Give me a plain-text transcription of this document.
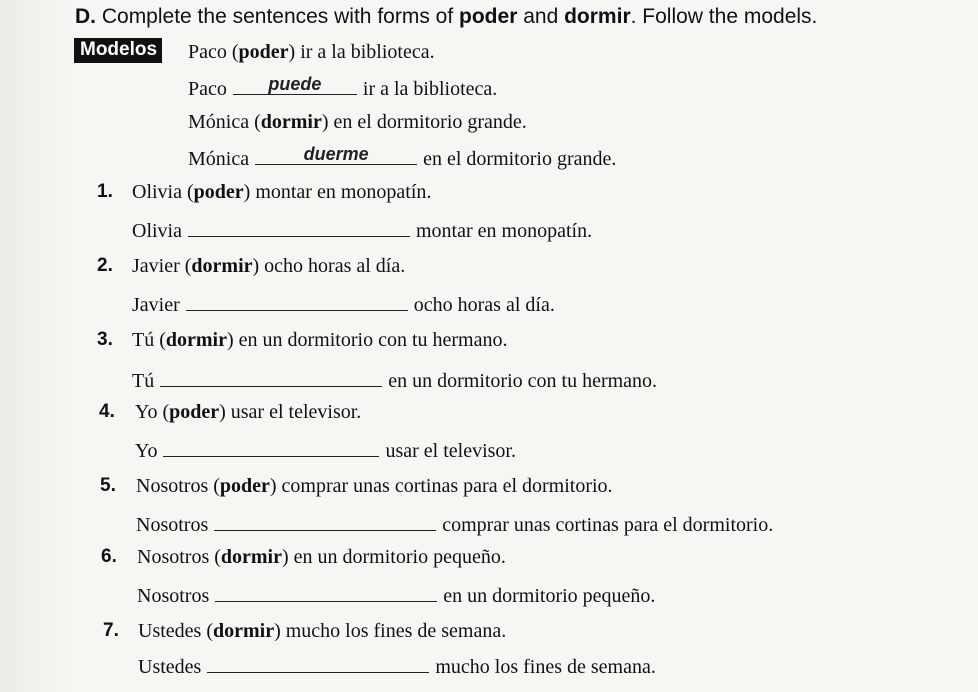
D. Complete the sentences with forms of poder and dormir. Follow the models.
Modelos Paco (poder) ir a la biblioteca.
Paco	puede	ir a la biblioteca.
Mónica (dormir) en el dormitorio grande.
Mónica	duerme	en el dormitorio grande.
1. Olivia (poder) montar en monopatín.
Olivia	montar en monopatín.
2. Javier (dormir) ocho horas al día.
Javier	ocho horas al día.
3. Tú (dormir) en un dormitorio con tu hermano.
Tú	en un dormitorio con tu hermano.
4. Yo (poder) usar el televisor.
Yo	usar el televisor.
5. Nosotros (poder) comprar unas cortinas para el dormitorio.
Nosotros	comprar unas cortinas para el dormitorio.
6. Nosotros (dormir) en un dormitorio pequeño.
Nosotros	en un dormitorio pequeño.
7. Ustedes (dormir) mucho los fines de semana.
Ustedes	mucho los fines de semana.
